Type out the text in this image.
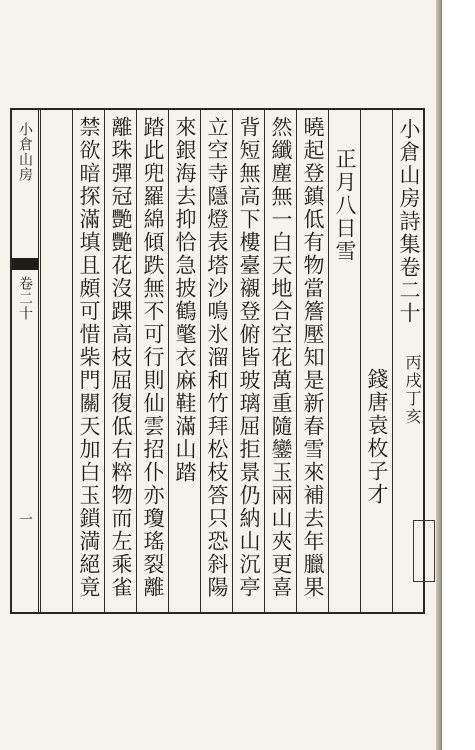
小倉山房
卷二十
一
小倉山房詩集卷二十
丙戌丁亥
錢唐袁枚子才
正月八日雪
曉起登鎮低有物當簷壓知是新春雪來補去年臘果
然纖塵無一白天地合空花萬重隨鑾玉兩山夾更喜
背短無高下樓臺襯登俯皆玻璃屈拒景仍納山沉亭
立空寺隱燈表塔沙鳴氷溜和竹拜松枝答只恐斜陽
來銀海去抑恰急披鶴氅衣麻鞋滿山踏
踏此兜羅綿傾跌無不可行則仙雲招仆亦瓊瑤裂離
離珠彈冠艷艷花沒踝高枝屈復低右粹物而左乘雀
禁欲暗探滿填且頗可惜柴門關天加白玉鎖満絕竟
